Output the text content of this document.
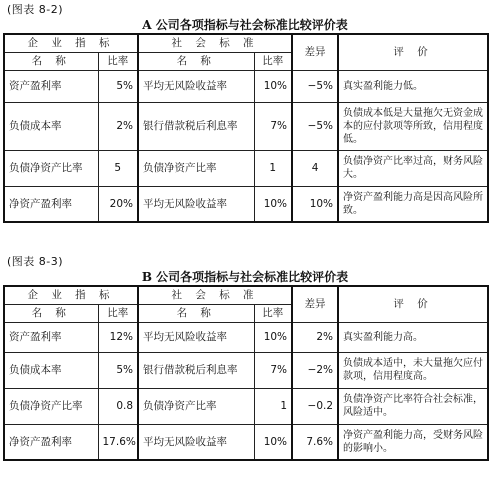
(图表 8-2)
A 公司各项指标与社会标准比较评价表
企 业 指 标		社 会 标 准		差异	评 价
名 称	比率	名 称	比率		
资产盈利率	5%	平均无风险收益率	10%	−5%	真实盈利能力低。
负债成本率	2%	银行借款税后利息率	7%	−5%	负债成本低是大量拖欠无资金成本的应付款项等所致，信用程度低。
负债净资产比率	5	负债净资产比率	1	4	负债净资产比率过高，财务风险大。
净资产盈利率	20%	平均无风险收益率	10%	10%	净资产盈利能力高是因高风险所致。
(图表 8-3)
B 公司各项指标与社会标准比较评价表
企 业 指 标		社 会 标 准		差异	评 价
名 称	比率	名 称	比率		
资产盈利率	12%	平均无风险收益率	10%	2%	真实盈利能力高。
负债成本率	5%	银行借款税后利息率	7%	−2%	负债成本适中，未大量拖欠应付款项，信用程度高。
负债净资产比率	0.8	负债净资产比率	1	−0.2	负债净资产比率符合社会标准，风险适中。
净资产盈利率	17.6%	平均无风险收益率	10%	7.6%	净资产盈利能力高，受财务风险的影响小。
